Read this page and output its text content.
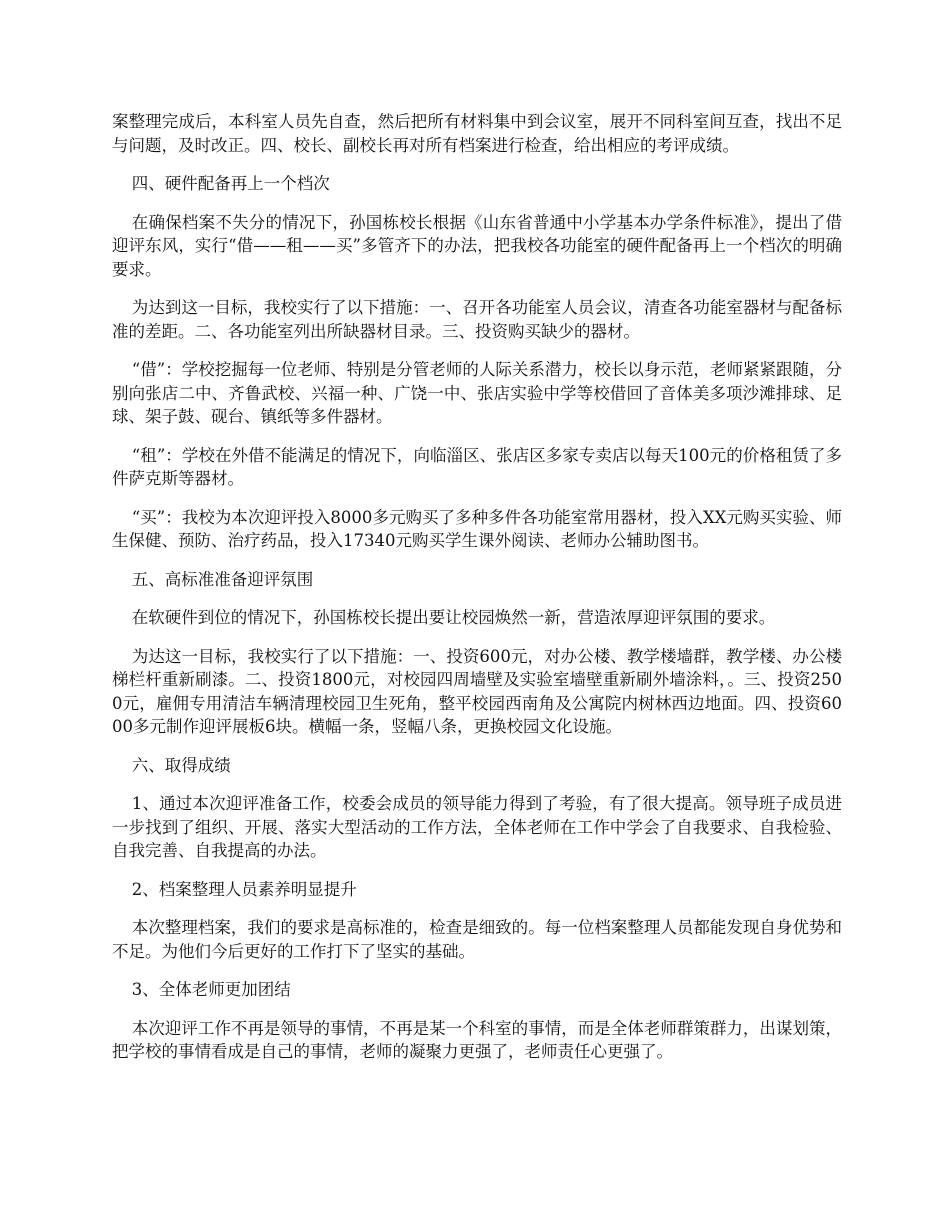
案整理完成后，本科室人员先自查，然后把所有材料集中到会议室，展开不同科室间互查，找出不足与问题，及时改正。四、校长、副校长再对所有档案进行检查，给出相应的考评成绩。

四、硬件配备再上一个档次

在确保档案不失分的情况下，孙国栋校长根据《山东省普通中小学基本办学条件标准》，提出了借迎评东风，实行“借——租——买”多管齐下的办法，把我校各功能室的硬件配备再上一个档次的明确要求。

为达到这一目标，我校实行了以下措施：一、召开各功能室人员会议，清查各功能室器材与配备标准的差距。二、各功能室列出所缺器材目录。三、投资购买缺少的器材。

“借”：学校挖掘每一位老师、特别是分管老师的人际关系潜力，校长以身示范，老师紧紧跟随，分别向张店二中、齐鲁武校、兴福一种、广饶一中、张店实验中学等校借回了音体美多项沙滩排球、足球、架子鼓、砚台、镇纸等多件器材。

“租”：学校在外借不能满足的情况下，向临淄区、张店区多家专卖店以每天100元的价格租赁了多件萨克斯等器材。

“买”：我校为本次迎评投入8000多元购买了多种多件各功能室常用器材，投入XX元购买实验、师生保健、预防、治疗药品，投入17340元购买学生课外阅读、老师办公辅助图书。

五、高标准准备迎评氛围

在软硬件到位的情况下，孙国栋校长提出要让校园焕然一新，营造浓厚迎评氛围的要求。

为达这一目标，我校实行了以下措施：一、投资600元，对办公楼、教学楼墙群，教学楼、办公楼梯栏杆重新刷漆。二、投资1800元，对校园四周墙壁及实验室墙壁重新刷外墙涂料，。三、投资2500元，雇佣专用清洁车辆清理校园卫生死角，整平校园西南角及公寓院内树林西边地面。四、投资6000多元制作迎评展板6块。横幅一条，竖幅八条，更换校园文化设施。

六、取得成绩

1、通过本次迎评准备工作，校委会成员的领导能力得到了考验，有了很大提高。领导班子成员进一步找到了组织、开展、落实大型活动的工作方法，全体老师在工作中学会了自我要求、自我检验、自我完善、自我提高的办法。

2、档案整理人员素养明显提升

本次整理档案，我们的要求是高标准的，检查是细致的。每一位档案整理人员都能发现自身优势和不足。为他们今后更好的工作打下了坚实的基础。

3、全体老师更加团结

本次迎评工作不再是领导的事情，不再是某一个科室的事情，而是全体老师群策群力，出谋划策，把学校的事情看成是自己的事情，老师的凝聚力更强了，老师责任心更强了。
